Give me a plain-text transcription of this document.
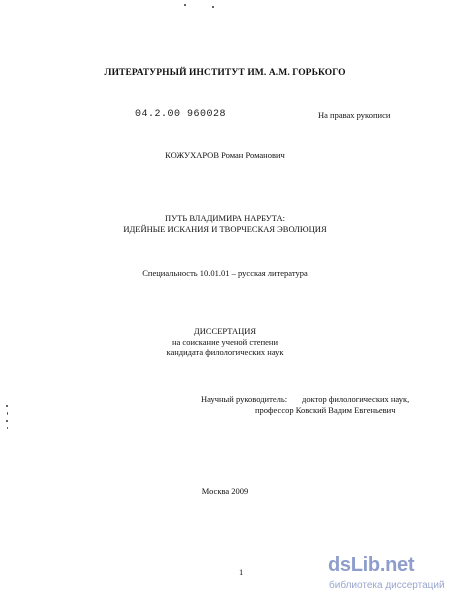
ЛИТЕРАТУРНЫЙ ИНСТИТУТ ИМ. А.М. ГОРЬКОГО
04.2.00 960028	На правах рукописи
КОЖУХАРОВ Роман Романович
ПУТЬ ВЛАДИМИРА НАРБУТА:
ИДЕЙНЫЕ ИСКАНИЯ И ТВОРЧЕСКАЯ ЭВОЛЮЦИЯ
Специальность 10.01.01 – русская литература
ДИССЕРТАЦИЯ
на соискание ученой степени
кандидата филологических наук
Научный руководитель: доктор филологических наук,
профессор Ковский Вадим Евгеньевич
Москва 2009
1	dsLib.net
библиотека диссертаций
